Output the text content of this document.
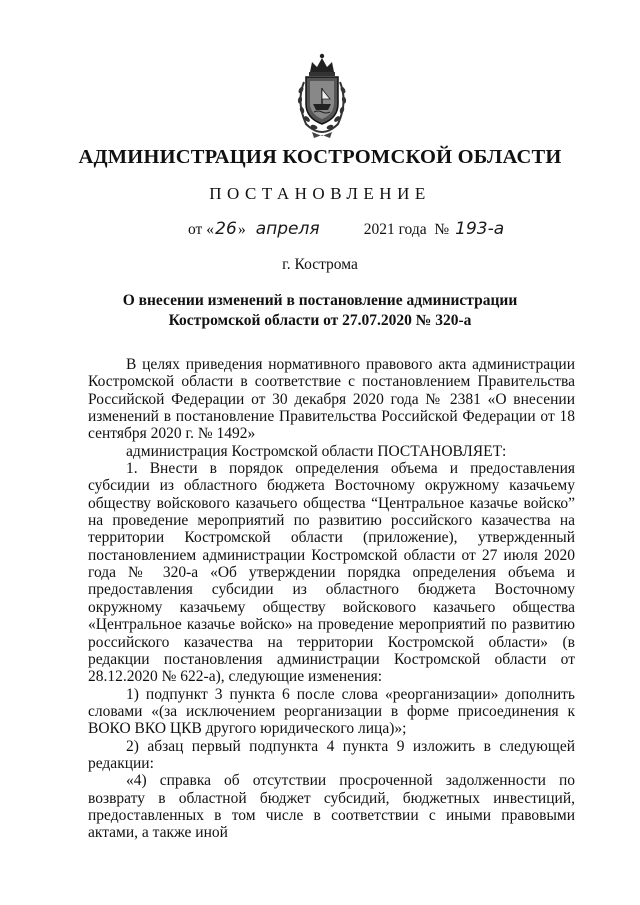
АДМИНИСТРАЦИЯ КОСТРОМСКОЙ ОБЛАСТИ
ПОСТАНОВЛЕНИЕ
от «26» апреля	2021 года № 193-а
г. Кострома
О внесении изменений в постановление администрации
Костромской области от 27.07.2020 № 320-а

В целях приведения нормативного правового акта администрации Костромской области в соответствие с постановлением Правительства Российской Федерации от 30 декабря 2020 года № 2381 «О внесении изменений в постановление Правительства Российской Федерации от 18 сентября 2020 г. № 1492»

администрация Костромской области ПОСТАНОВЛЯЕТ:

1. Внести в порядок определения объема и предоставления субсидии из областного бюджета Восточному окружному казачьему обществу войскового казачьего общества “Центральное казачье войско” на проведение мероприятий по развитию российского казачества на территории Костромской области (приложение), утвержденный постановлением администрации Костромской области от 27 июля 2020 года № 320-а «Об утверждении порядка определения объема и предоставления субсидии из областного бюджета Восточному окружному казачьему обществу войскового казачьего общества «Центральное казачье войско» на проведение мероприятий по развитию российского казачества на территории Костромской области» (в редакции постановления администрации Костромской области от 28.12.2020 № 622-а), следующие изменения:

1) подпункт 3 пункта 6 после слова «реорганизации» дополнить словами «(за исключением реорганизации в форме присоединения к ВОКО ВКО ЦКВ другого юридического лица)»;

2) абзац первый подпункта 4 пункта 9 изложить в следующей редакции:

«4) справка об отсутствии просроченной задолженности по возврату в областной бюджет субсидий, бюджетных инвестиций, предоставленных в том числе в соответствии с иными правовыми актами, а также иной
